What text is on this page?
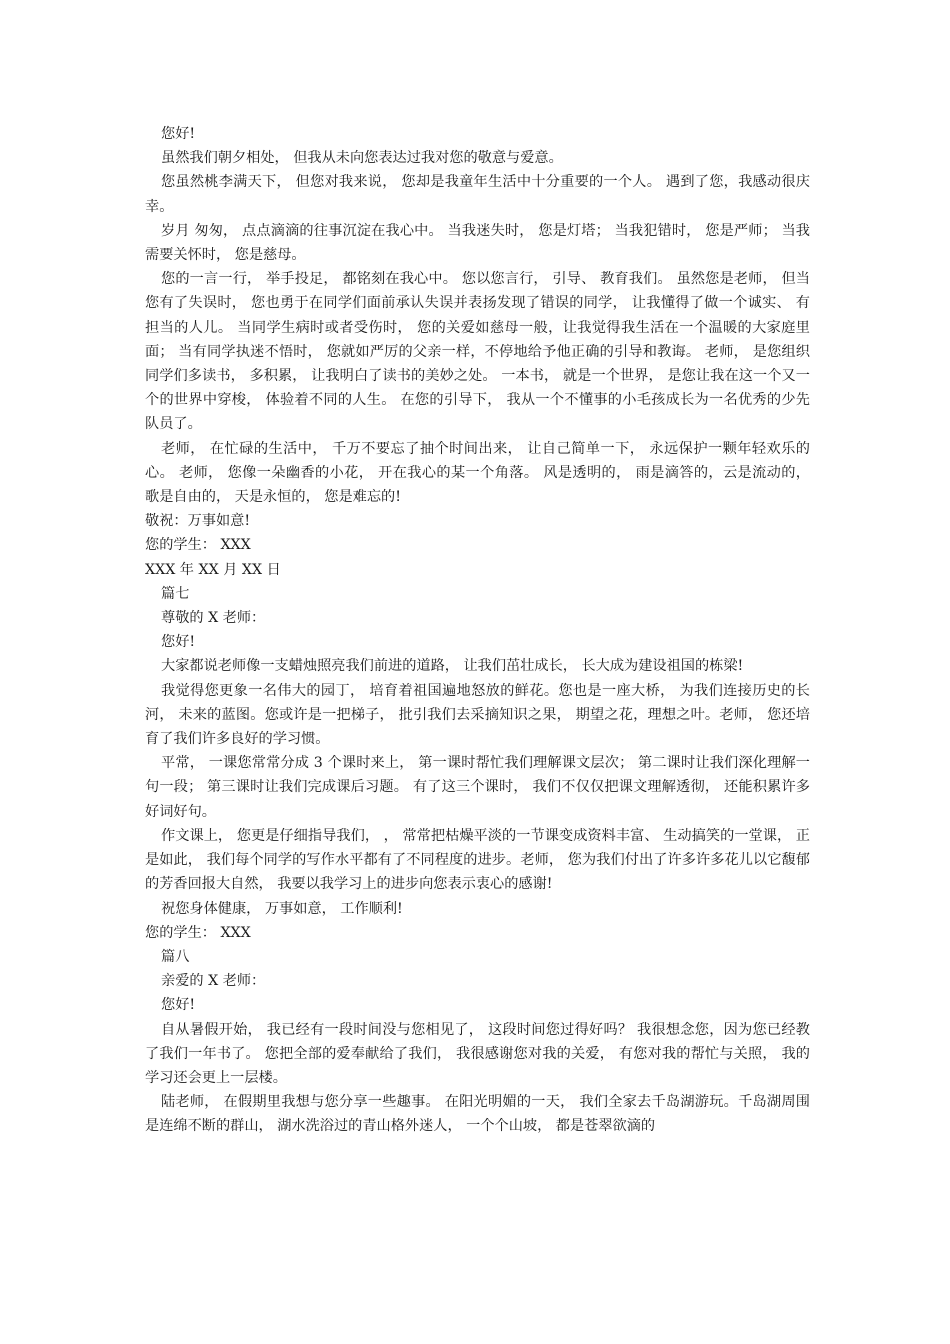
您好!

虽然我们朝夕相处， 但我从未向您表达过我对您的敬意与爱意。

您虽然桃李满天下， 但您对我来说， 您却是我童年生活中十分重要的一个人。 遇到了您，我感动很庆幸。

岁月 匆匆， 点点滴滴的往事沉淀在我心中。 当我迷失时， 您是灯塔； 当我犯错时， 您是严师； 当我需要关怀时， 您是慈母。

您的一言一行， 举手投足， 都铭刻在我心中。 您以您言行， 引导、 教育我们。 虽然您是老师， 但当您有了失误时， 您也勇于在同学们面前承认失误并表扬发现了错误的同学， 让我懂得了做一个诚实、 有担当的人儿。 当同学生病时或者受伤时， 您的关爱如慈母一般，让我觉得我生活在一个温暖的大家庭里面； 当有同学执迷不悟时， 您就如严厉的父亲一样，不停地给予他正确的引导和教诲。 老师， 是您组织同学们多读书， 多积累， 让我明白了读书的美妙之处。 一本书， 就是一个世界， 是您让我在这一个又一个的世界中穿梭， 体验着不同的人生。 在您的引导下， 我从一个不懂事的小毛孩成长为一名优秀的少先队员了。

老师， 在忙碌的生活中， 千万不要忘了抽个时间出来， 让自己简单一下， 永远保护一颗年轻欢乐的心。 老师， 您像一朵幽香的小花， 开在我心的某一个角落。 风是透明的， 雨是滴答的，云是流动的， 歌是自由的， 天是永恒的， 您是难忘的!

敬祝：万事如意!

您的学生： XXX

XXX 年 XX 月 XX 日

篇七

尊敬的 X 老师：

您好!

大家都说老师像一支蜡烛照亮我们前进的道路， 让我们茁壮成长， 长大成为建设祖国的栋梁!

我觉得您更象一名伟大的园丁， 培育着祖国遍地怒放的鲜花。您也是一座大桥， 为我们连接历史的长河， 未来的蓝图。您或许是一把梯子， 批引我们去采摘知识之果， 期望之花，理想之叶。老师， 您还培育了我们许多良好的学习惯。

平常， 一课您常常分成 3 个课时来上， 第一课时帮忙我们理解课文层次； 第二课时让我们深化理解一句一段； 第三课时让我们完成课后习题。 有了这三个课时， 我们不仅仅把课文理解透彻， 还能积累许多好词好句。

作文课上， 您更是仔细指导我们， ， 常常把枯燥平淡的一节课变成资料丰富、 生动搞笑的一堂课， 正是如此， 我们每个同学的写作水平都有了不同程度的进步。老师， 您为我们付出了许多许多花儿以它馥郁的芳香回报大自然， 我要以我学习上的进步向您表示衷心的感谢!

祝您身体健康， 万事如意， 工作顺利!

您的学生： XXX

篇八

亲爱的 X 老师：

您好!

自从暑假开始， 我已经有一段时间没与您相见了， 这段时间您过得好吗？ 我很想念您，因为您已经教了我们一年书了。 您把全部的爱奉献给了我们， 我很感谢您对我的关爱， 有您对我的帮忙与关照， 我的学习还会更上一层楼。

陆老师， 在假期里我想与您分享一些趣事。 在阳光明媚的一天， 我们全家去千岛湖游玩。千岛湖周围是连绵不断的群山， 湖水洗浴过的青山格外迷人， 一个个山坡， 都是苍翠欲滴的
